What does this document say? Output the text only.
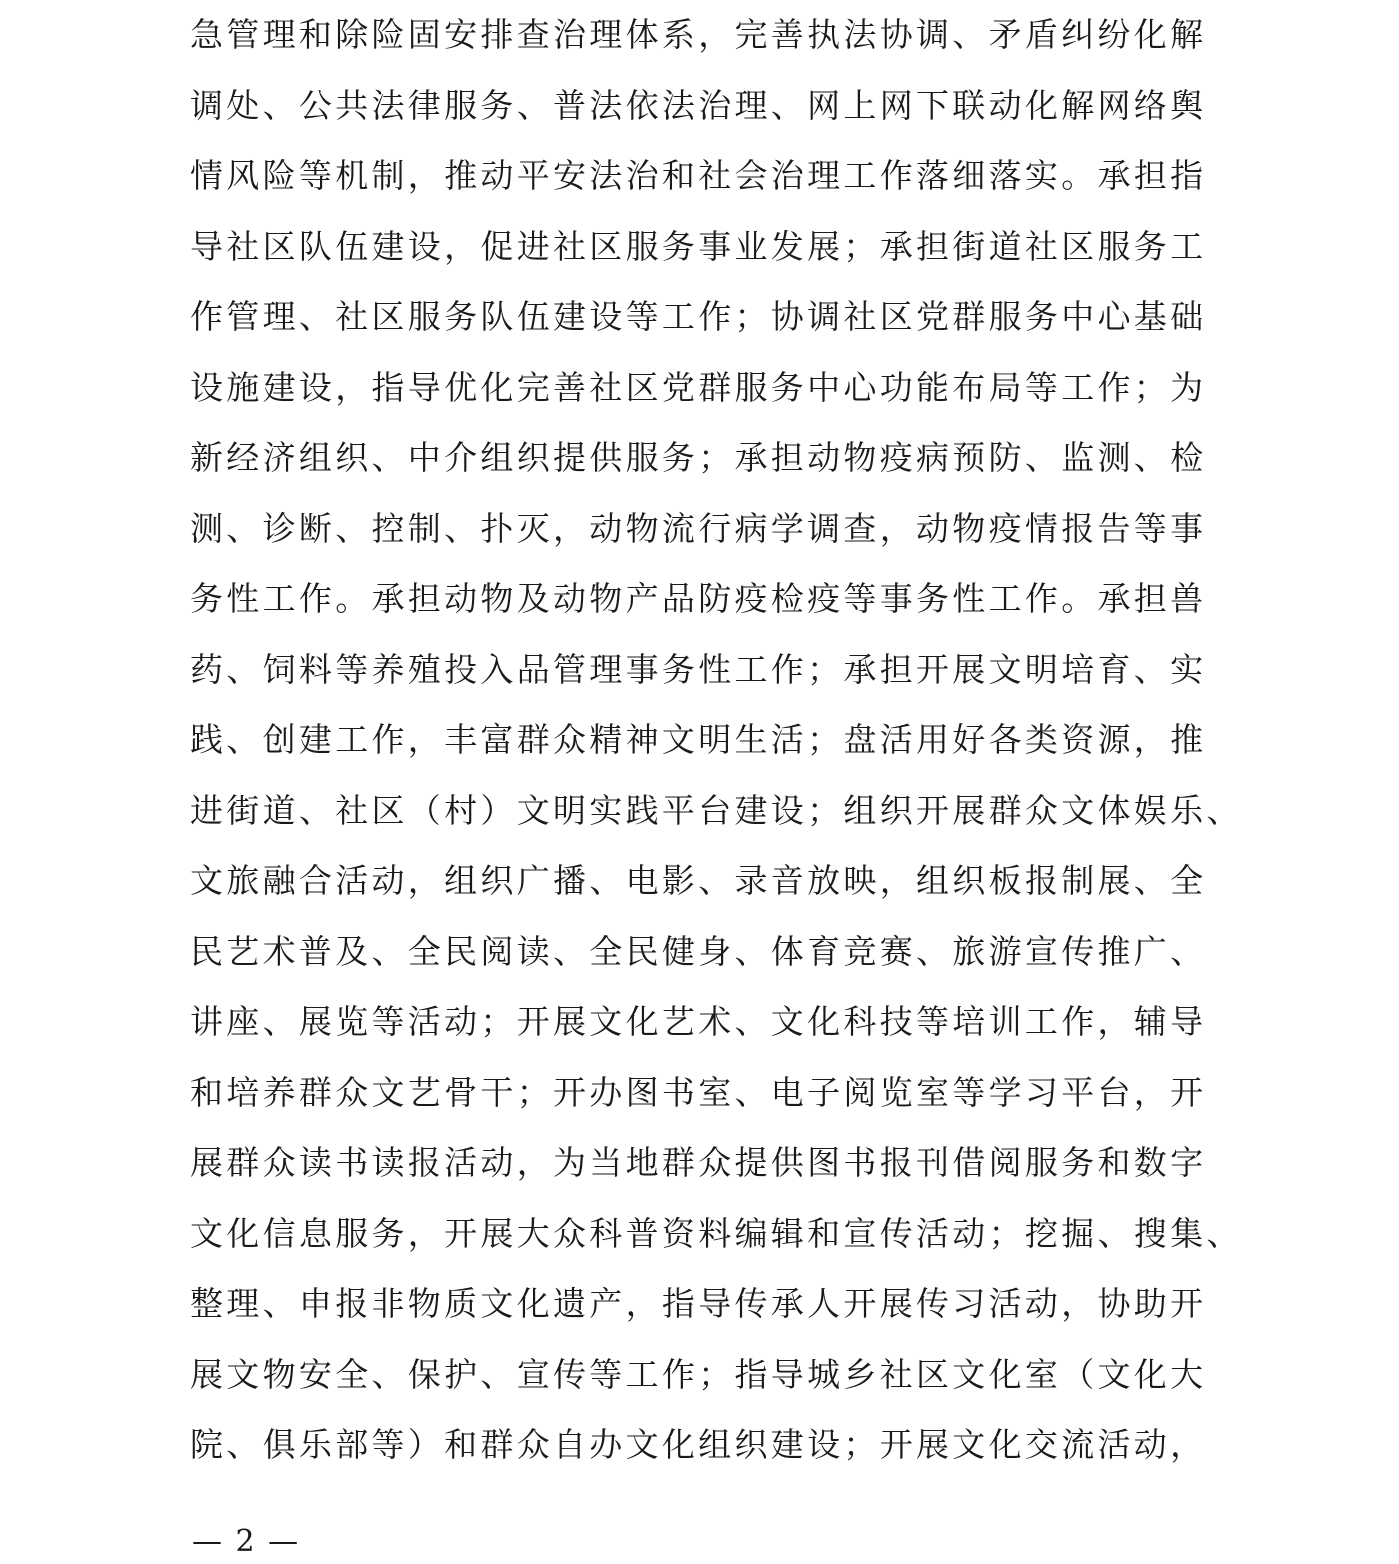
急管理和除险固安排查治理体系，完善执法协调、矛盾纠纷化解
调处、公共法律服务、普法依法治理、网上网下联动化解网络舆
情风险等机制，推动平安法治和社会治理工作落细落实。承担指
导社区队伍建设，促进社区服务事业发展；承担街道社区服务工
作管理、社区服务队伍建设等工作；协调社区党群服务中心基础
设施建设，指导优化完善社区党群服务中心功能布局等工作；为
新经济组织、中介组织提供服务；承担动物疫病预防、监测、检
测、诊断、控制、扑灭，动物流行病学调查，动物疫情报告等事
务性工作。承担动物及动物产品防疫检疫等事务性工作。承担兽
药、饲料等养殖投入品管理事务性工作；承担开展文明培育、实
践、创建工作，丰富群众精神文明生活；盘活用好各类资源，推
进街道、社区（村）文明实践平台建设；组织开展群众文体娱乐、
文旅融合活动，组织广播、电影、录音放映，组织板报制展、全
民艺术普及、全民阅读、全民健身、体育竞赛、旅游宣传推广、
讲座、展览等活动；开展文化艺术、文化科技等培训工作，辅导
和培养群众文艺骨干；开办图书室、电子阅览室等学习平台，开
展群众读书读报活动，为当地群众提供图书报刊借阅服务和数字
文化信息服务，开展大众科普资料编辑和宣传活动；挖掘、搜集、
整理、申报非物质文化遗产，指导传承人开展传习活动，协助开
展文物安全、保护、宣传等工作；指导城乡社区文化室（文化大
院、俱乐部等）和群众自办文化组织建设；开展文化交流活动，
— 2 —
